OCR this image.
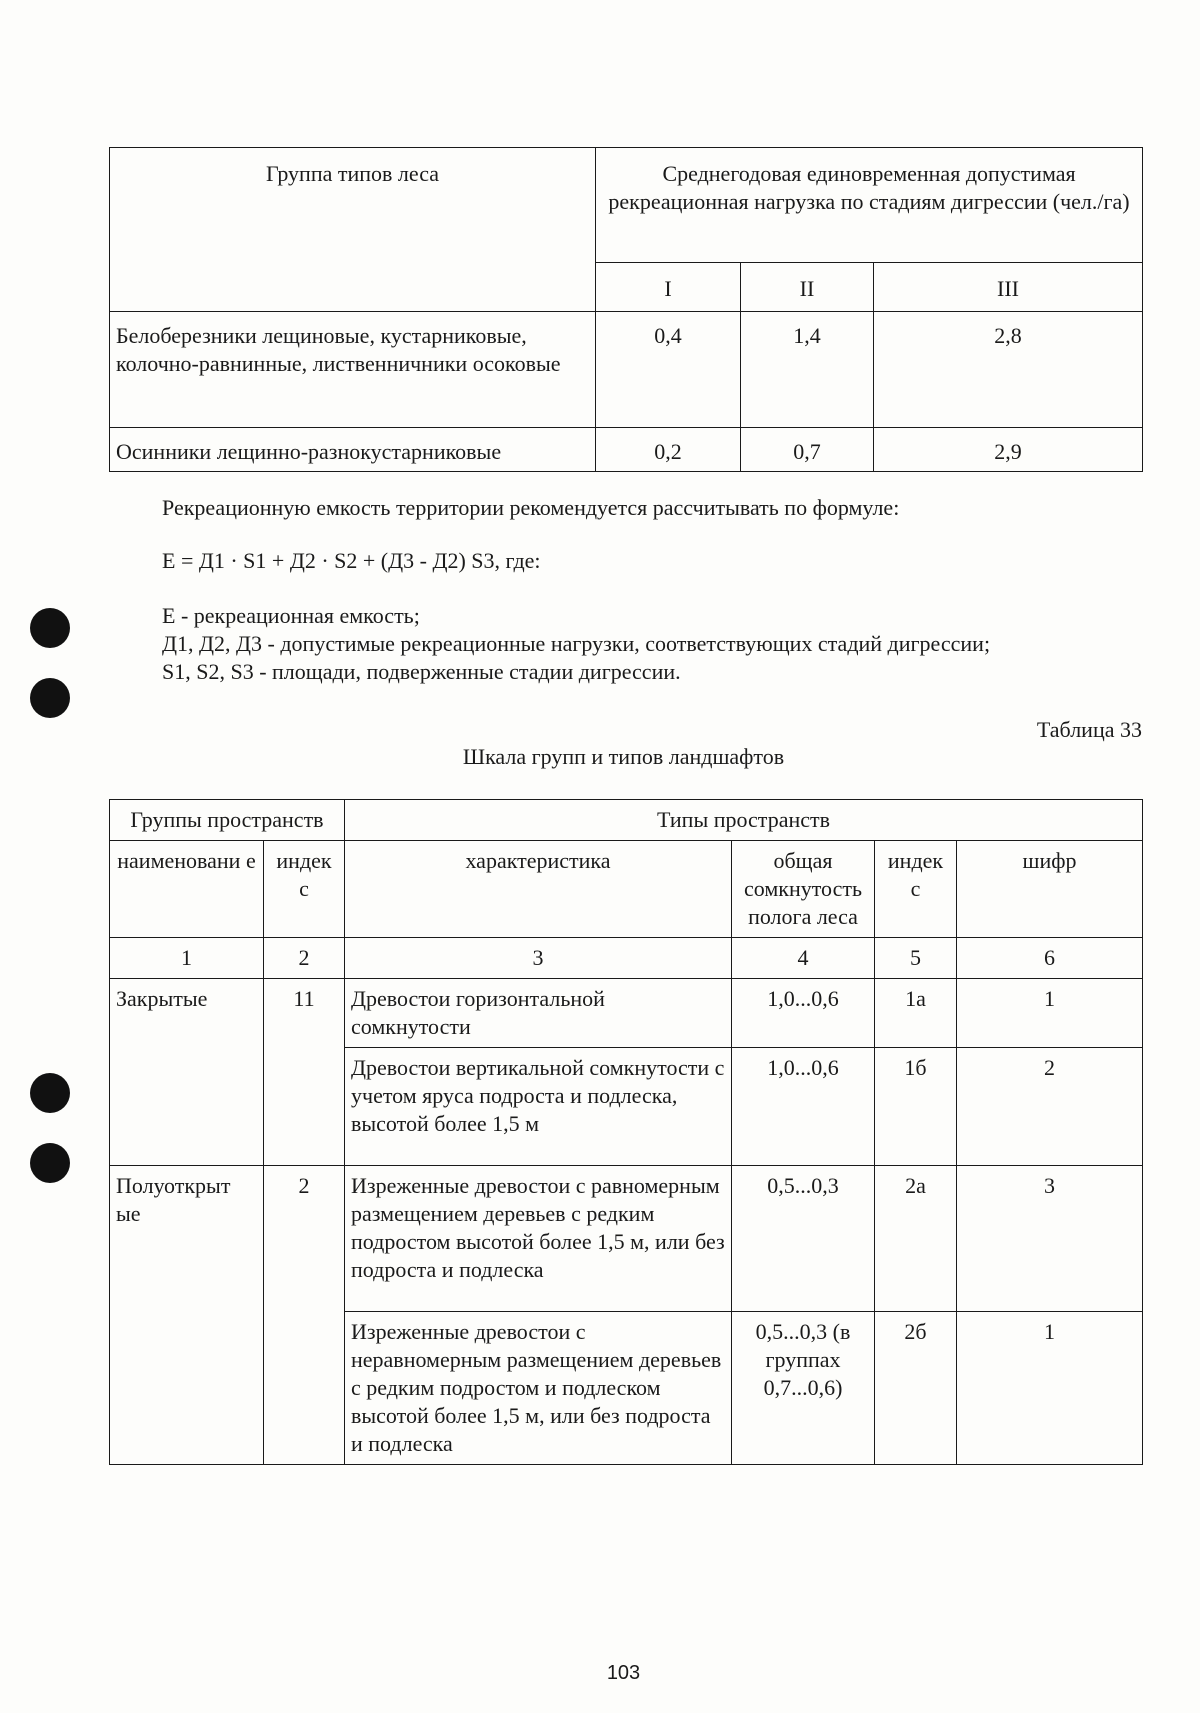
Группа типов леса	Среднегодовая единовременная допустимая рекреационная нагрузка по стадиям дигрессии (чел./га)		
	I	II	III
Белоберезники лещиновые, кустарниковые, колочно-равнинные, лиственничники осоковые	0,4	1,4	2,8
Осинники лещинно-разнокустарниковые	0,2	0,7	2,9

Рекреационную емкость территории рекомендуется рассчитывать по формуле:

Е = Д1 · S1 + Д2 · S2 + (Д3 - Д2) S3, где:

Е - рекреационная емкость;
Д1, Д2, Д3 - допустимые рекреационные нагрузки, соответствующих стадий дигрессии;
S1, S2, S3 - площади, подверженные стадии дигрессии.
Таблица 33
Шкала групп и типов ландшафтов
Группы пространств		Типы пространств			
наименовани е	индек с	характеристика	общая сомкнутость полога леса	индек с	шифр
1	2	3	4	5	6
Закрытые	11	Древостои горизонтальной сомкнутости	1,0...0,6	1а	1
		Древостои вертикальной сомкнутости с учетом яруса подроста и подлеска, высотой более 1,5 м	1,0...0,6	1б	2
Полуоткрыт ые	2	Изреженные древостои с равномерным размещением деревьев с редким подростом высотой более 1,5 м, или без подроста и подлеска	0,5...0,3	2а	3
		Изреженные древостои с неравномерным размещением деревьев с редким подростом и подлеском высотой более 1,5 м, или без подроста и подлеска	0,5...0,3 (в группах 0,7...0,6)	2б	1
103
